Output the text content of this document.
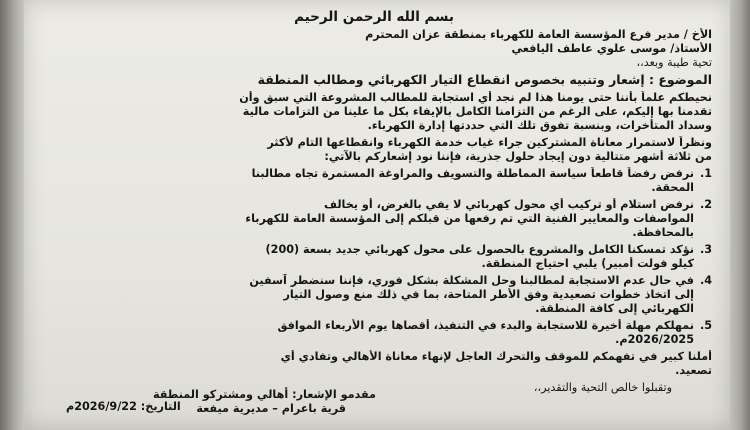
بسم الله الرحمن الرحيم
الأخ / مدير فرع المؤسسة العامة للكهرباء بمنطقة عزان المحترم
الأستاذ/ موسى علوي عاطف اليافعي
تحية طيبة وبعد،،
الموضوع : إشعار وتنبيه بخصوص انقطاع التيار الكهربائي ومطالب المنطقة
نحيطكم علماً بأننا حتى يومنا هذا لم نجد أي استجابة للمطالب المشروعة التي سبق وأن
تقدمنا بها إليكم، على الرغم من التزامنا الكامل بالإيفاء بكل ما علينا من التزامات مالية
وسداد المتأخرات، وبنسبة تفوق تلك التي حددتها إدارة الكهرباء.
ونظراً لاستمرار معاناة المشتركين جراء غياب خدمة الكهرباء وانقطاعها التام لأكثر
من ثلاثة أشهر متتالية دون إيجاد حلول جذرية، فإننا نود إشعاركم بالآتي:
1.
نرفض رفضاً قاطعاً سياسة المماطلة والتسويف والمراوغة المستمرة تجاه مطالبنا
المحقة.
2.
نرفض استلام أو تركيب أي محول كهربائي لا يفي بالغرض، أو يخالف
المواصفات والمعايير الفنية التي تم رفعها من قبلكم إلى المؤسسة العامة للكهرباء
بالمحافظة.
3.
نؤكد تمسكنا الكامل والمشروع بالحصول على محول كهربائي جديد بسعة (200)
كيلو فولت أمبير) يلبي احتياج المنطقة.
4.
في حال عدم الاستجابة لمطالبنا وحل المشكلة بشكل فوري، فإننا سنضطر آسفين
إلى اتخاذ خطوات تصعيدية وفق الأطر المتاحة، بما في ذلك منع وصول التيار
الكهربائي إلى كافة المنطقة.
5.
نمهلكم مهلة أخيرة للاستجابة والبدء في التنفيذ، أقصاها يوم الأربعاء الموافق
2026/2025م.
أملنا كبير في تفهمكم للموقف والتحرك العاجل لإنهاء معاناة الأهالي وتفادي أي
تصعيد.
وتقبلوا خالص التحية والتقدير،،
مقدمو الإشعار: أهالي ومشتركو المنطقة
قرية باعرام – مديرية ميفعة
التاريخ: 2026/9/22م
